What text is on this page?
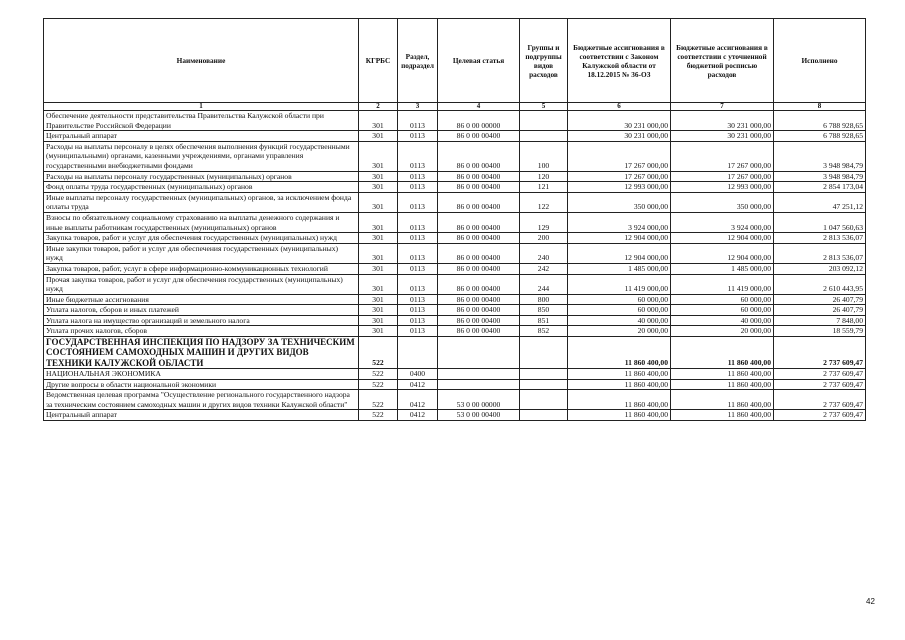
Наименование	КГРБС	Раздел, подраздел	Целевая статья	Группы и подгруппы видов расходов	Бюджетные ассигнования в соответствии с Законом Калужской области от 18.12.2015 № 36-ОЗ	Бюджетные ассигнования в соответствии с уточненной бюджетной росписью расходов	Исполнено
1	2	3	4	5	6	7	8
Обеспечение деятельности представительства Правительства Калужской области при Правительстве Российской Федерации	301	0113	86 0 00 00000		30 231 000,00	30 231 000,00	6 788 928,65
Центральный аппарат	301	0113	86 0 00 00400		30 231 000,00	30 231 000,00	6 788 928,65
Расходы на выплаты персоналу в целях обеспечения выполнения функций государственными (муниципальными) органами, казенными учреждениями, органами управления государственными внебюджетными фондами	301	0113	86 0 00 00400	100	17 267 000,00	17 267 000,00	3 948 984,79
Расходы на выплаты персоналу государственных (муниципальных) органов	301	0113	86 0 00 00400	120	17 267 000,00	17 267 000,00	3 948 984,79
Фонд оплаты труда государственных (муниципальных) органов	301	0113	86 0 00 00400	121	12 993 000,00	12 993 000,00	2 854 173,04
Иные выплаты персоналу государственных (муниципальных) органов, за исключением фонда оплаты труда	301	0113	86 0 00 00400	122	350 000,00	350 000,00	47 251,12
Взносы по обязательному социальному страхованию на выплаты денежного содержания и иные выплаты работникам государственных (муниципальных) органов	301	0113	86 0 00 00400	129	3 924 000,00	3 924 000,00	1 047 560,63
Закупка товаров, работ и услуг для обеспечения государственных (муниципальных) нужд	301	0113	86 0 00 00400	200	12 904 000,00	12 904 000,00	2 813 536,07
Иные закупки товаров, работ и услуг для обеспечения государственных (муниципальных) нужд	301	0113	86 0 00 00400	240	12 904 000,00	12 904 000,00	2 813 536,07
Закупка товаров, работ, услуг в сфере информационно-коммуникационных технологий	301	0113	86 0 00 00400	242	1 485 000,00	1 485 000,00	203 092,12
Прочая закупка товаров, работ и услуг для обеспечения государственных (муниципальных) нужд	301	0113	86 0 00 00400	244	11 419 000,00	11 419 000,00	2 610 443,95
Иные бюджетные ассигнования	301	0113	86 0 00 00400	800	60 000,00	60 000,00	26 407,79
Уплата налогов, сборов и иных платежей	301	0113	86 0 00 00400	850	60 000,00	60 000,00	26 407,79
Уплата налога на имущество организаций и земельного налога	301	0113	86 0 00 00400	851	40 000,00	40 000,00	7 848,00
Уплата прочих налогов, сборов	301	0113	86 0 00 00400	852	20 000,00	20 000,00	18 559,79
ГОСУДАРСТВЕННАЯ ИНСПЕКЦИЯ ПО НАДЗОРУ ЗА ТЕХНИЧЕСКИМ СОСТОЯНИЕМ САМОХОДНЫХ МАШИН И ДРУГИХ ВИДОВ ТЕХНИКИ КАЛУЖСКОЙ ОБЛАСТИ	522				11 860 400,00	11 860 400,00	2 737 609,47
НАЦИОНАЛЬНАЯ ЭКОНОМИКА	522	0400			11 860 400,00	11 860 400,00	2 737 609,47
Другие вопросы в области национальной экономики	522	0412			11 860 400,00	11 860 400,00	2 737 609,47
Ведомственная целевая программа "Осуществление регионального государственного надзора за техническим состоянием самоходных машин и других видов техники Калужской области"	522	0412	53 0 00 00000		11 860 400,00	11 860 400,00	2 737 609,47
Центральный аппарат	522	0412	53 0 00 00400		11 860 400,00	11 860 400,00	2 737 609,47
42
